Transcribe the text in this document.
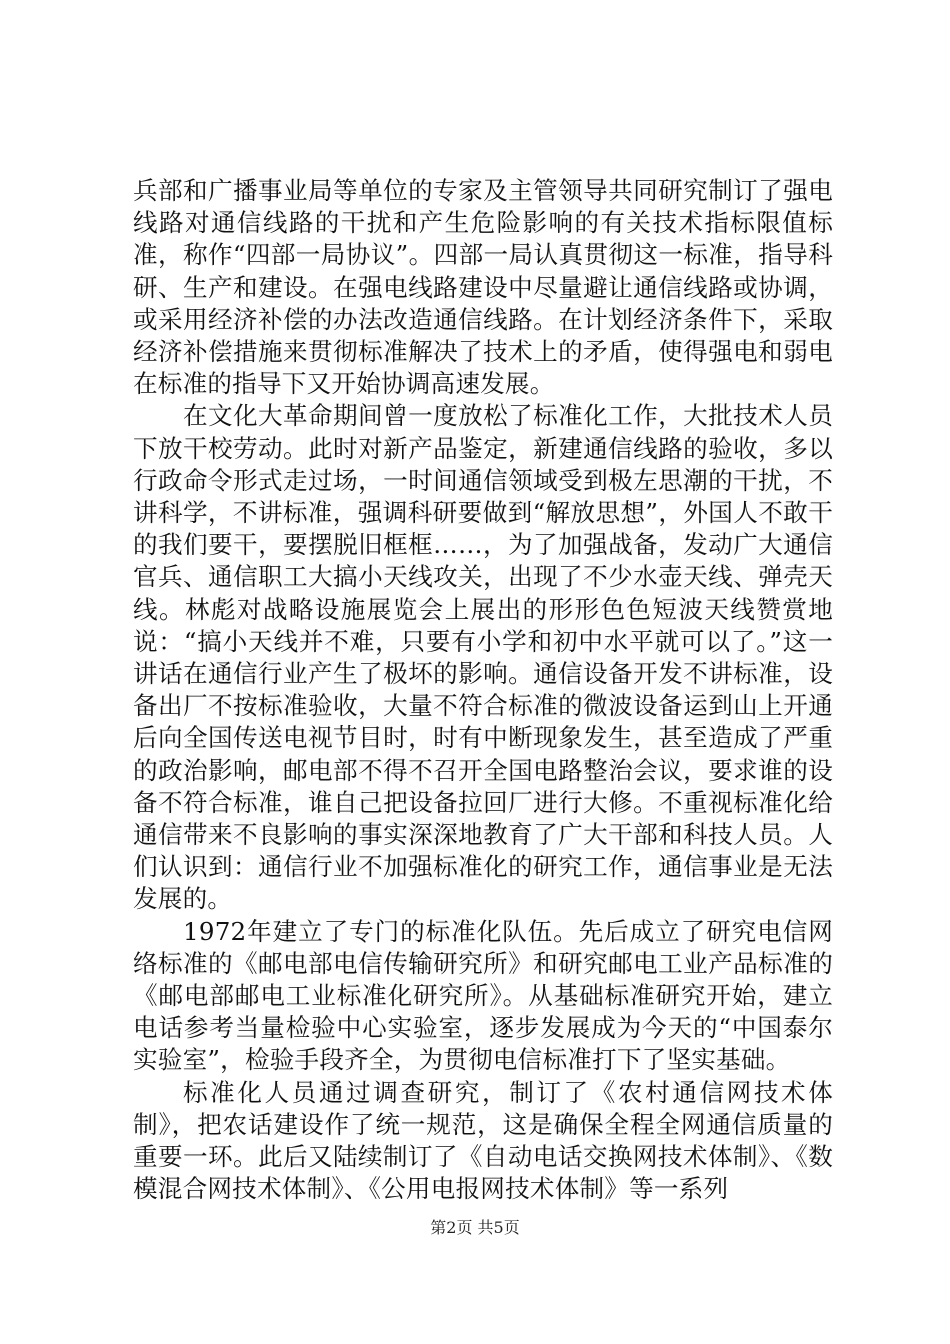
兵部和广播事业局等单位的专家及主管领导共同研究制订了强电线路对通信线路的干扰和产生危险影响的有关技术指标限值标准，称作“四部一局协议”。四部一局认真贯彻这一标准，指导科研、生产和建设。在强电线路建设中尽量避让通信线路或协调，或采用经济补偿的办法改造通信线路。在计划经济条件下，采取经济补偿措施来贯彻标准解决了技术上的矛盾，使得强电和弱电在标准的指导下又开始协调高速发展。

在文化大革命期间曾一度放松了标准化工作，大批技术人员下放干校劳动。此时对新产品鉴定，新建通信线路的验收，多以行政命令形式走过场，一时间通信领域受到极左思潮的干扰，不讲科学，不讲标准，强调科研要做到“解放思想”，外国人不敢干的我们要干，要摆脱旧框框……，为了加强战备，发动广大通信官兵、通信职工大搞小天线攻关，出现了不少水壶天线、弹壳天线。林彪对战略设施展览会上展出的形形色色短波天线赞赏地说：“搞小天线并不难，只要有小学和初中水平就可以了。”这一讲话在通信行业产生了极坏的影响。通信设备开发不讲标准，设备出厂不按标准验收，大量不符合标准的微波设备运到山上开通后向全国传送电视节目时，时有中断现象发生，甚至造成了严重的政治影响，邮电部不得不召开全国电路整治会议，要求谁的设备不符合标准，谁自己把设备拉回厂进行大修。不重视标准化给通信带来不良影响的事实深深地教育了广大干部和科技人员。人们认识到：通信行业不加强标准化的研究工作，通信事业是无法发展的。

1972年建立了专门的标准化队伍。先后成立了研究电信网络标准的《邮电部电信传输研究所》和研究邮电工业产品标准的《邮电部邮电工业标准化研究所》。从基础标准研究开始，建立电话参考当量检验中心实验室，逐步发展成为今天的“中国泰尔实验室”，检验手段齐全，为贯彻电信标准打下了坚实基础。

标准化人员通过调查研究，制订了《农村通信网技术体制》，把农话建设作了统一规范，这是确保全程全网通信质量的重要一环。此后又陆续制订了《自动电话交换网技术体制》、《数模混合网技术体制》、《公用电报网技术体制》等一系列

第2页 共5页
